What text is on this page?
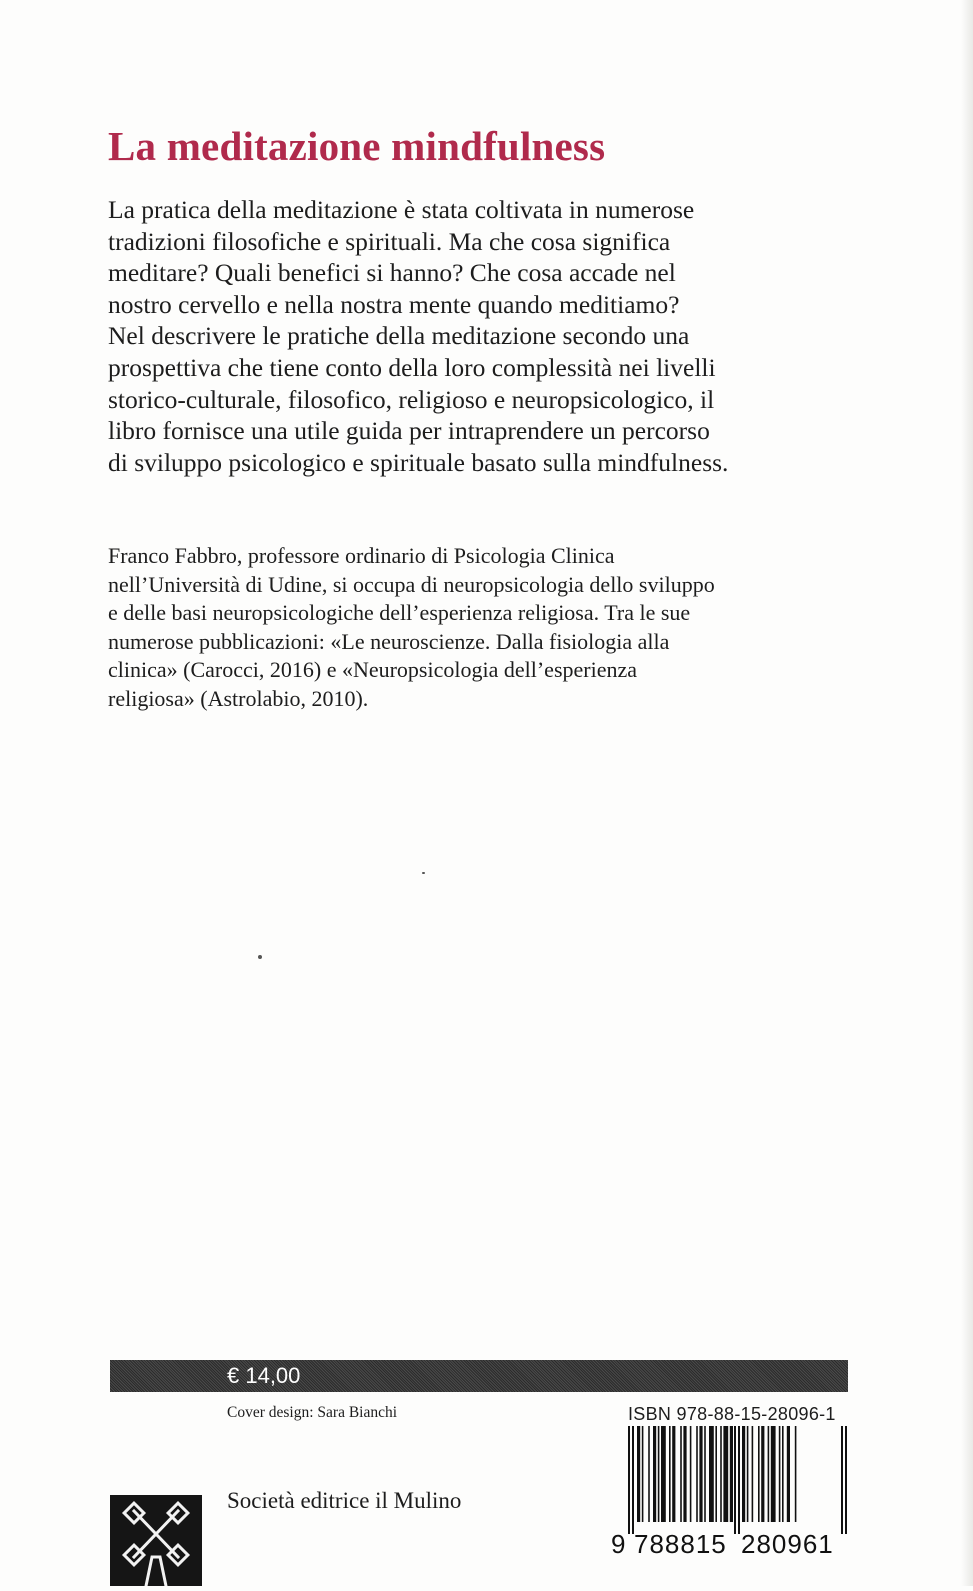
La meditazione mindfulness
La pratica della meditazione è stata coltivata in numerose
tradizioni filosofiche e spirituali. Ma che cosa significa
meditare? Quali benefici si hanno? Che cosa accade nel
nostro cervello e nella nostra mente quando meditiamo?
Nel descrivere le pratiche della meditazione secondo una
prospettiva che tiene conto della loro complessità nei livelli
storico-culturale, filosofico, religioso e neuropsicologico, il
libro fornisce una utile guida per intraprendere un percorso
di sviluppo psicologico e spirituale basato sulla mindfulness.
Franco Fabbro, professore ordinario di Psicologia Clinica
nell’Università di Udine, si occupa di neuropsicologia dello sviluppo
e delle basi neuropsicologiche dell’esperienza religiosa. Tra le sue
numerose pubblicazioni: «Le neuroscienze. Dalla fisiologia alla
clinica» (Carocci, 2016) e «Neuropsicologia dell’esperienza
religiosa» (Astrolabio, 2010).
€ 14,00
Cover design: Sara Bianchi	ISBN 978-88-15-28096-1
9 788815 280961
Società editrice il Mulino
